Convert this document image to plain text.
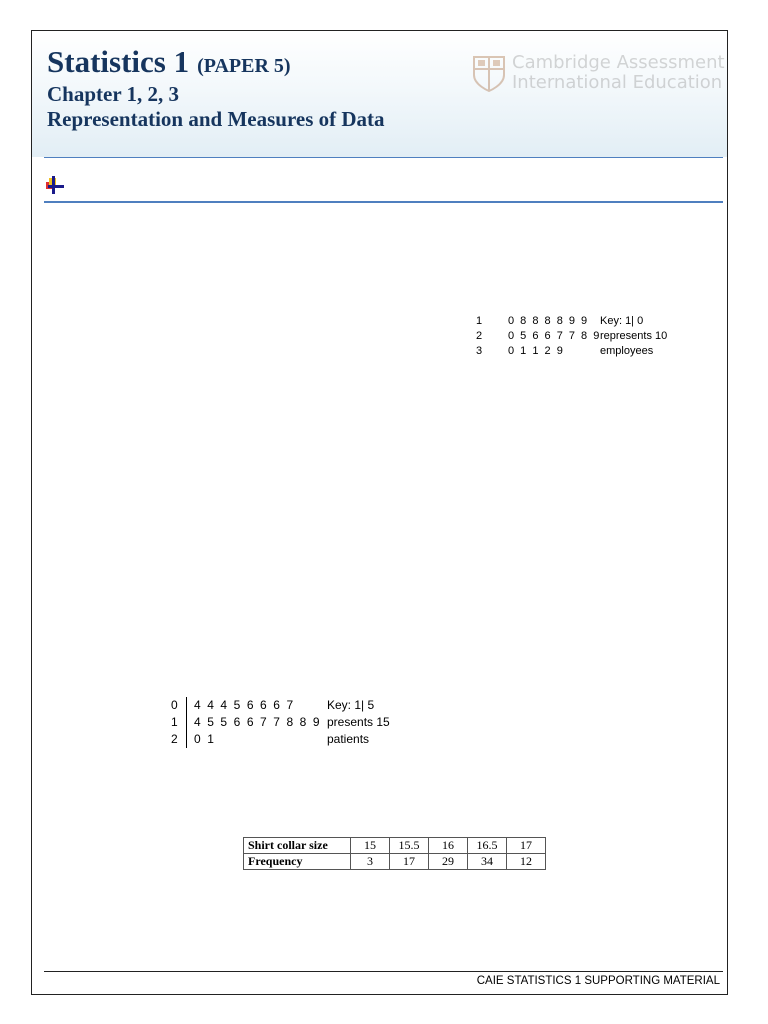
Statistics 1 (PAPER 5)
Chapter 1, 2, 3
Representation and Measures of Data
Cambridge Assessment
International Education
1	0 8 8 8 8 9 9	Key: 1| 0
2	0 5 6 6 7 7 8 9 represents 10
3	0 1 1 2 9	employees
0	4 4 4 5 6 6 6 7	Key: 1| 5
1	4 5 5 6 6 7 7 8 8 9 presents 15
2	0 1	patients
Shirt collar size	15	15.5	16	16.5	17
Frequency	3	17	29	34	12
CAIE STATISTICS 1 SUPPORTING MATERIAL
